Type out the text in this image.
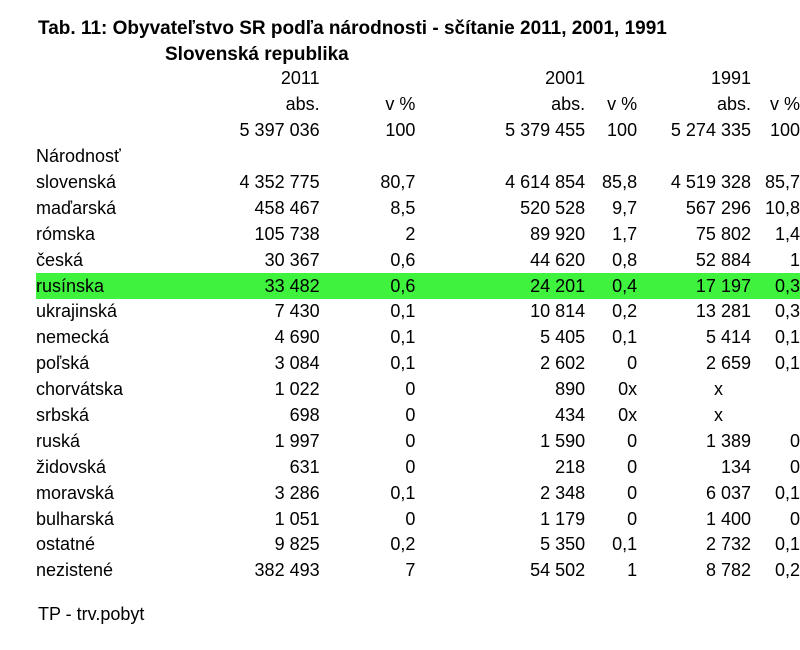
Tab. 11: Obyvateľstvo SR podľa národnosti - sčítanie 2011, 2001, 1991
Slovenská republika
	2011		2001		1991	
	abs.	v %	abs.	v %	abs.	v %
	5 397 036	100	5 379 455	100	5 274 335	100
Národnosť						
slovenská	4 352 775	80,7	4 614 854	85,8	4 519 328	85,7
maďarská	458 467	8,5	520 528	9,7	567 296	10,8
rómska	105 738	2	89 920	1,7	75 802	1,4
česká	30 367	0,6	44 620	0,8	52 884	1
rusínska	33 482	0,6	24 201	0,4	17 197	0,3
ukrajinská	7 430	0,1	10 814	0,2	13 281	0,3
nemecká	4 690	0,1	5 405	0,1	5 414	0,1
poľská	3 084	0,1	2 602	0	2 659	0,1
chorvátska	1 022	0	890	0x	x	
srbská	698	0	434	0x	x	
ruská	1 997	0	1 590	0	1 389	0
židovská	631	0	218	0	134	0
moravská	3 286	0,1	2 348	0	6 037	0,1
bulharská	1 051	0	1 179	0	1 400	0
ostatné	9 825	0,2	5 350	0,1	2 732	0,1
nezistené	382 493	7	54 502	1	8 782	0,2

TP - trv.pobyt
